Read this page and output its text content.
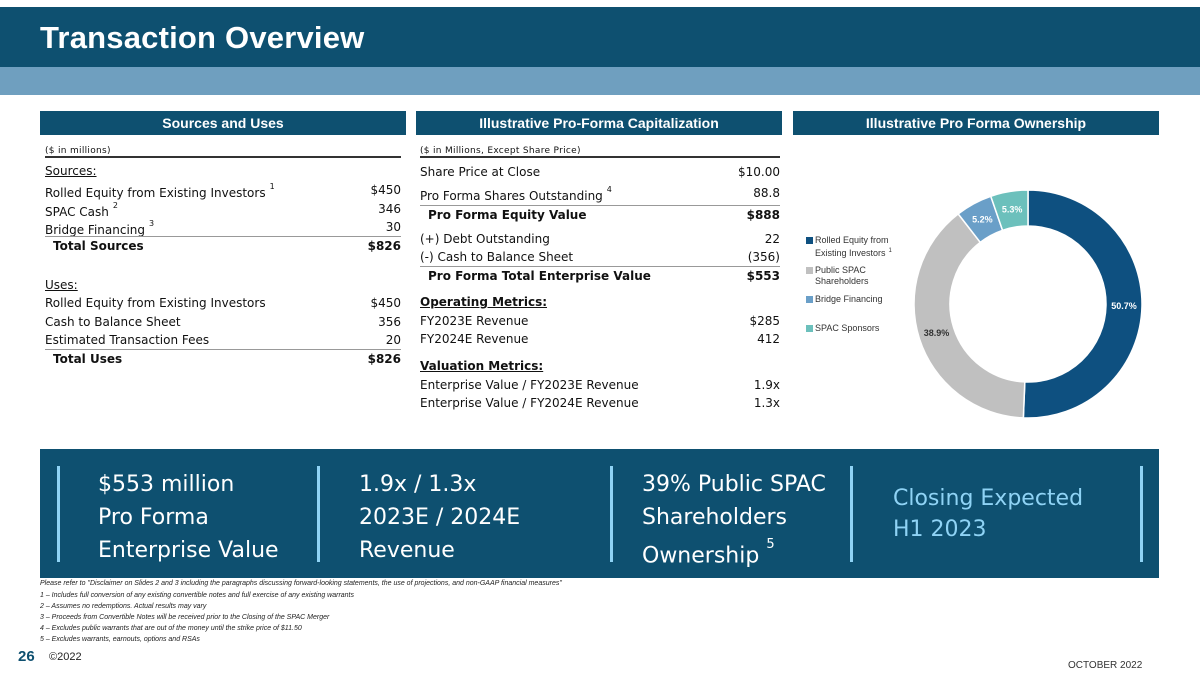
Transaction Overview
Sources and Uses	Illustrative Pro-Forma Capitalization	Illustrative Pro Forma Ownership
($ in millions)
Sources:
Rolled Equity from Existing Investors $^1$	$450
SPAC Cash $^2$	346
Bridge Financing $^3$	30
Total Sources	$826
Uses:
Rolled Equity from Existing Investors	$450
Cash to Balance Sheet	356
Estimated Transaction Fees	20
Total Uses	$826
($ in Millions, Except Share Price)
Share Price at Close	$10.00
Pro Forma Shares Outstanding $^4$	88.8
Pro Forma Equity Value	$888
(+) Debt Outstanding	22
(-) Cash to Balance Sheet	(356)
Pro Forma Total Enterprise Value	$553
Operating Metrics:
FY2023E Revenue	$285
FY2024E Revenue	412
Valuation Metrics:
Enterprise Value / FY2023E Revenue	1.9x
Enterprise Value / FY2024E Revenue	1.3x
50.7%
38.9%
5.2%
5.3%
Rolled Equity from Existing Investors $^1$
Public SPAC Shareholders
Bridge Financing
SPAC Sponsors
$553 million
Pro Forma
Enterprise Value
1.9x / 1.3x
2023E / 2024E
Revenue
39% Public SPAC
Shareholders
Ownership $^5$
Closing Expected
H1 2023
Please refer to "Disclaimer on Slides 2 and 3 including the paragraphs discussing forward-looking statements, the use of projections, and non-GAAP financial measures"
1 – Includes full conversion of any existing convertible notes and full exercise of any existing warrants
2 – Assumes no redemptions. Actual results may vary
3 – Proceeds from Convertible Notes will be received prior to the Closing of the SPAC Merger
4 – Excludes public warrants that are out of the money until the strike price of $11.50
5 – Excludes warrants, earnouts, options and RSAs
26 ©2022
OCTOBER 2022
